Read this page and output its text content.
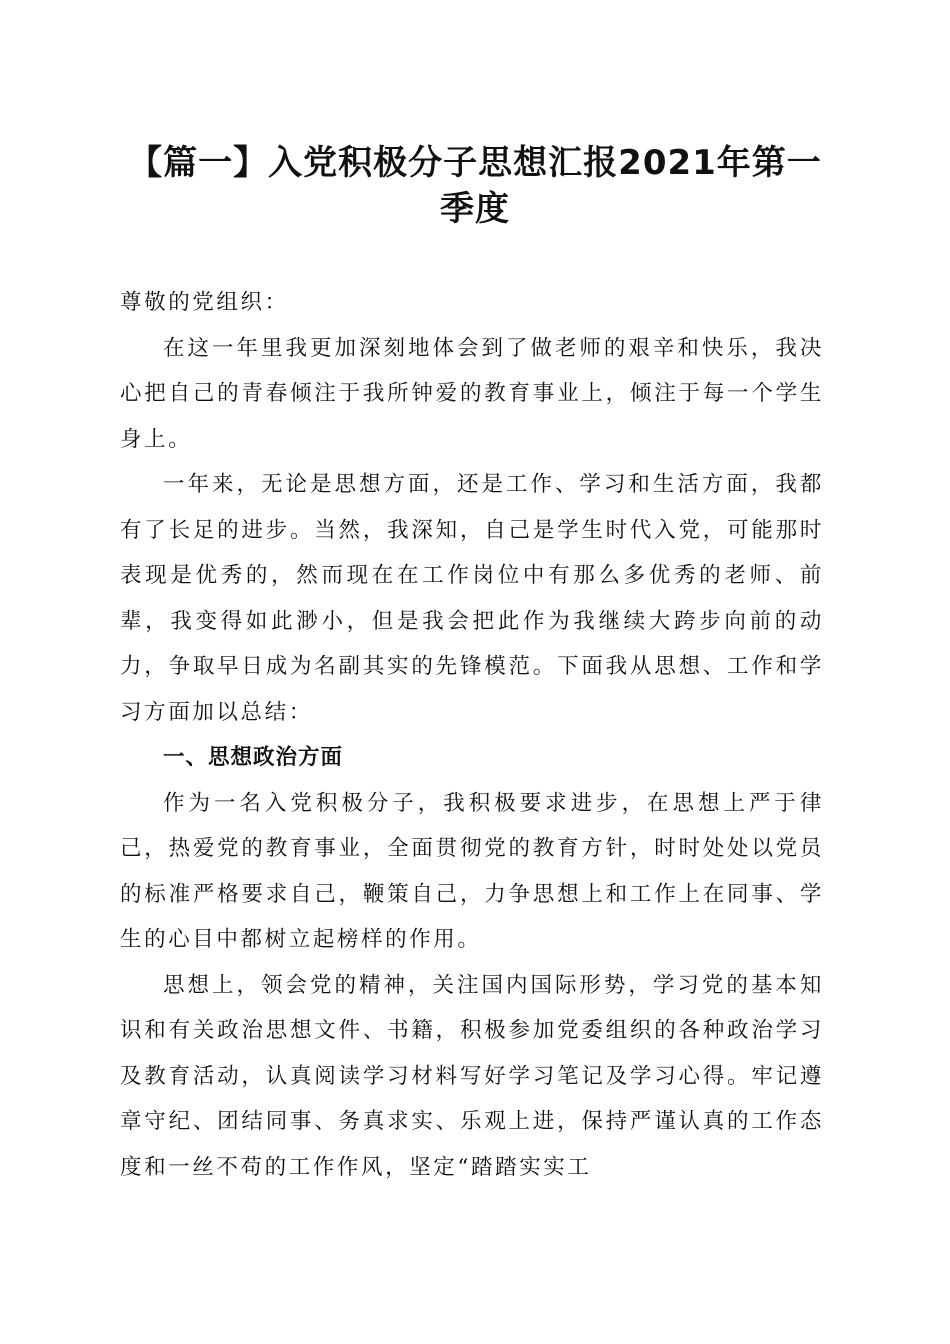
【篇一】入党积极分子思想汇报2021年第一季度

尊敬的党组织：

在这一年里我更加深刻地体会到了做老师的艰辛和快乐，我决心把自己的青春倾注于我所钟爱的教育事业上，倾注于每一个学生身上。

一年来，无论是思想方面，还是工作、学习和生活方面，我都有了长足的进步。当然，我深知，自己是学生时代入党，可能那时表现是优秀的，然而现在在工作岗位中有那么多优秀的老师、前辈，我变得如此渺小，但是我会把此作为我继续大跨步向前的动力，争取早日成为名副其实的先锋模范。下面我从思想、工作和学习方面加以总结：

一、思想政治方面

作为一名入党积极分子，我积极要求进步，在思想上严于律己，热爱党的教育事业，全面贯彻党的教育方针，时时处处以党员的标准严格要求自己，鞭策自己，力争思想上和工作上在同事、学生的心目中都树立起榜样的作用。

思想上，领会党的精神，关注国内国际形势，学习党的基本知识和有关政治思想文件、书籍，积极参加党委组织的各种政治学习及教育活动，认真阅读学习材料写好学习笔记及学习心得。牢记遵章守纪、团结同事、务真求实、乐观上进，保持严谨认真的工作态度和一丝不苟的工作作风，坚定“踏踏实实工
